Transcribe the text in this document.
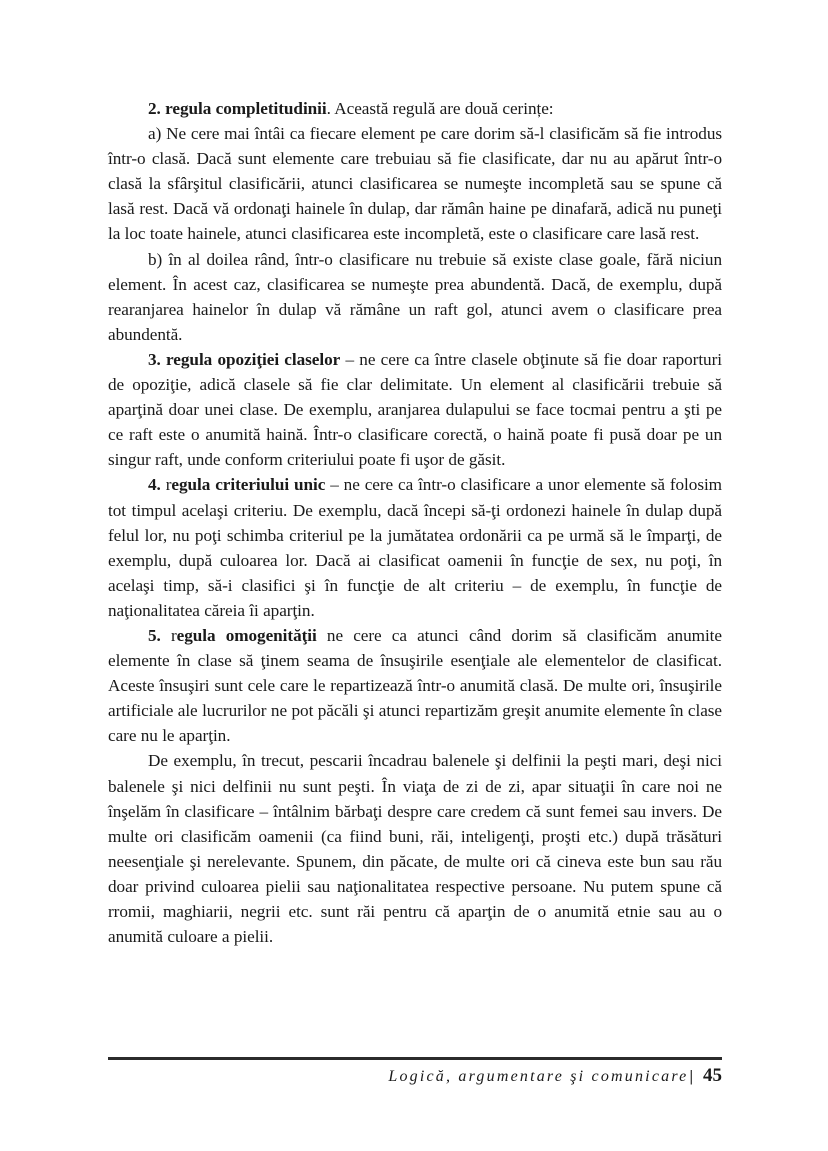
2. regula completitudinii. Această regulă are două cerințe:

a) Ne cere mai întâi ca fiecare element pe care dorim să-l clasificăm să fie introdus într-o clasă. Dacă sunt elemente care trebuiau să fie clasificate, dar nu au apărut într-o clasă la sfârşitul clasificării, atunci clasificarea se numeşte incompletă sau se spune că lasă rest. Dacă vă ordonaţi hainele în dulap, dar rămân haine pe dinafară, adică nu puneţi la loc toate hainele, atunci clasificarea este incompletă, este o clasificare care lasă rest.

b) în al doilea rând, într-o clasificare nu trebuie să existe clase goale, fără niciun element. În acest caz, clasificarea se numeşte prea abundentă. Dacă, de exemplu, după rearanjarea hainelor în dulap vă rămâne un raft gol, atunci avem o clasificare prea abundentă.

3. regula opoziţiei claselor – ne cere ca între clasele obţinute să fie doar raporturi de opoziţie, adică clasele să fie clar delimitate. Un element al clasificării trebuie să aparţină doar unei clase. De exemplu, aranjarea dulapului se face tocmai pentru a şti pe ce raft este o anumită haină. Într-o clasificare corectă, o haină poate fi pusă doar pe un singur raft, unde conform criteriului poate fi uşor de găsit.

4. regula criteriului unic – ne cere ca într-o clasificare a unor elemente să folosim tot timpul acelaşi criteriu. De exemplu, dacă începi să-ţi ordonezi hainele în dulap după felul lor, nu poţi schimba criteriul pe la jumătatea ordonării ca pe urmă să le împarţi, de exemplu, după culoarea lor. Dacă ai clasificat oamenii în funcţie de sex, nu poţi, în acelaşi timp, să-i clasifici şi în funcţie de alt criteriu – de exemplu, în funcţie de naţionalitatea căreia îi aparţin.

5. regula omogenităţii ne cere ca atunci când dorim să clasificăm anumite elemente în clase să ţinem seama de însuşirile esenţiale ale elementelor de clasificat. Aceste însuşiri sunt cele care le repartizează într-o anumită clasă. De multe ori, însuşirile artificiale ale lucrurilor ne pot păcăli şi atunci repartizăm greşit anumite elemente în clase care nu le aparţin.

De exemplu, în trecut, pescarii încadrau balenele şi delfinii la peşti mari, deşi nici balenele şi nici delfinii nu sunt peşti. În viaţa de zi de zi, apar situaţii în care noi ne înşelăm în clasificare – întâlnim bărbaţi despre care credem că sunt femei sau invers. De multe ori clasificăm oamenii (ca fiind buni, răi, inteligenţi, proşti etc.) după trăsături neesenţiale şi nerelevante. Spunem, din păcate, de multe ori că cineva este bun sau rău doar privind culoarea pielii sau naţionalitatea respective persoane. Nu putem spune că rromii, maghiarii, negrii etc. sunt răi pentru că aparţin de o anumită etnie sau au o anumită culoare a pielii.

Logică, argumentare şi comunicare | 45
